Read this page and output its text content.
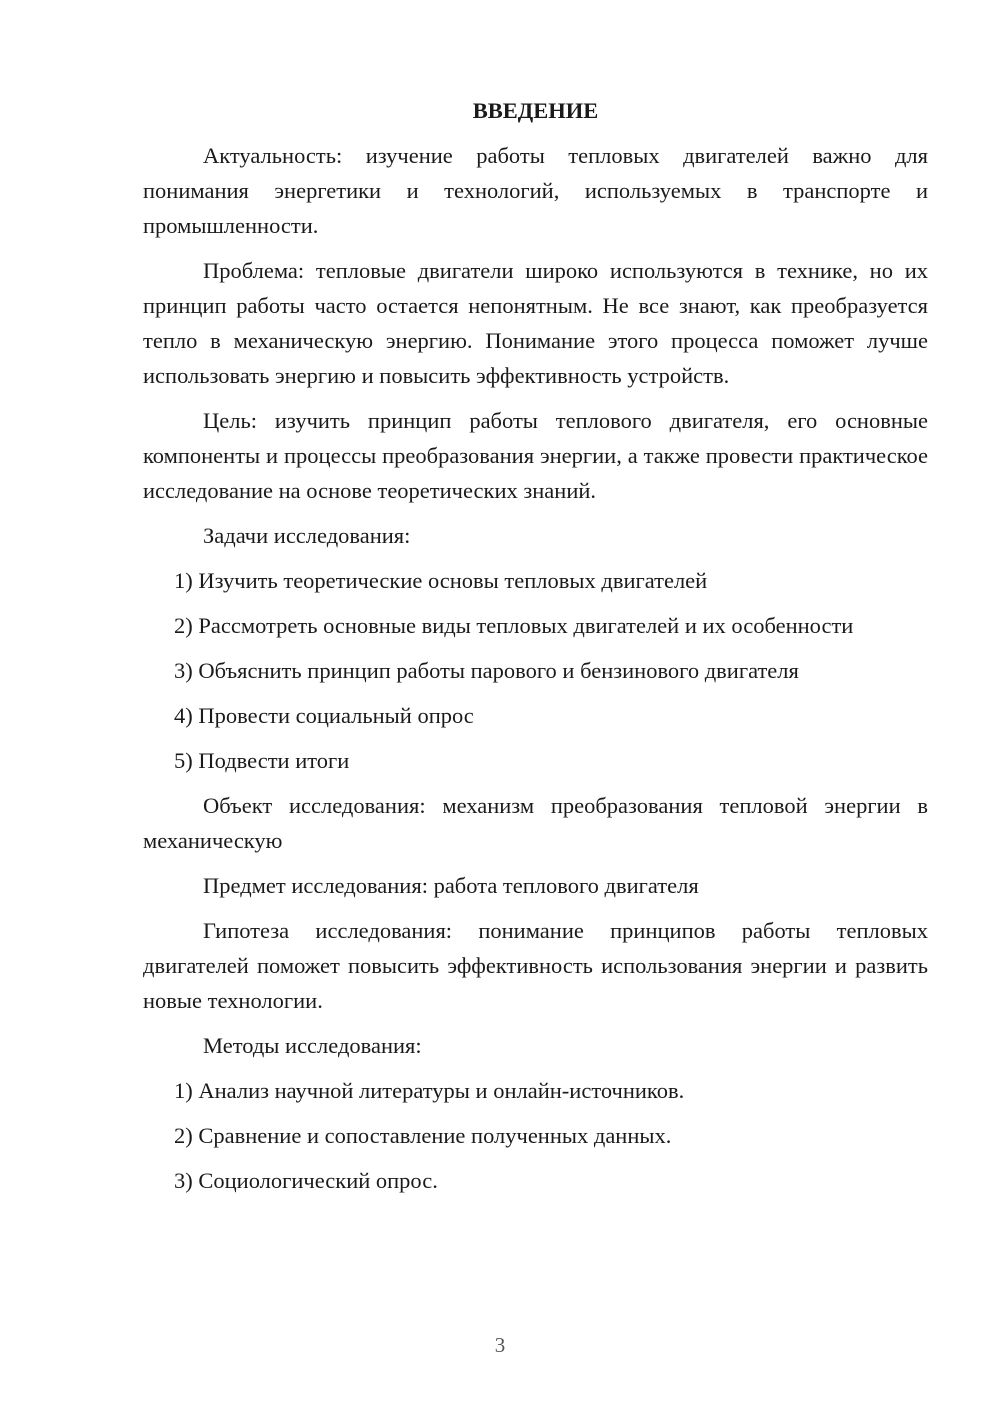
ВВЕДЕНИЕ

Актуальность: изучение работы тепловых двигателей важно для понимания энергетики и технологий, используемых в транспорте и промышленности.

Проблема: тепловые двигатели широко используются в технике, но их принцип работы часто остается непонятным. Не все знают, как преобразуется тепло в механическую энергию. Понимание этого процесса поможет лучше использовать энергию и повысить эффективность устройств.

Цель: изучить принцип работы теплового двигателя, его основные компоненты и процессы преобразования энергии, а также провести практическое исследование на основе теоретических знаний.

Задачи исследования:

1) Изучить теоретические основы тепловых двигателей

2) Рассмотреть основные виды тепловых двигателей и их особенности

3) Объяснить принцип работы парового и бензинового двигателя

4) Провести социальный опрос

5) Подвести итоги

Объект исследования: механизм преобразования тепловой энергии в механическую

Предмет исследования: работа теплового двигателя

Гипотеза исследования: понимание принципов работы тепловых двигателей поможет повысить эффективность использования энергии и развить новые технологии.

Методы исследования:

1) Анализ научной литературы и онлайн-источников.

2) Сравнение и сопоставление полученных данных.

3) Социологический опрос.

3
